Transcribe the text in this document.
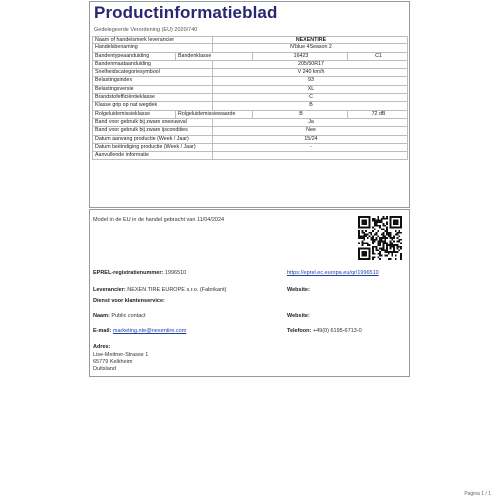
Productinformatieblad
Gedelegeerde Verordening (EU) 2020/740
Naam of handelsmerk leverancier	NEXENTIRE
Handelsbenaming	N'blue 4Season 2
Bandentypeaanduiding	Bandenklasse	16423	C1
Bandenmaataanduiding	205/50R17
Snelheidscategoriesymbool	V 240 km/h
Belastingsindex	93
Belastingsversie	XL
Brandstofefficiëntieklasse	C
Klasse grip op nat wegdek	B
Rolgeluidemissieklasse	Rolgeluidemissiewaarde	B	72 dB
Band voor gebruik bij zware sneeuwval	Ja
Band voor gebruik bij zware ijscondities	Nee
Datum aanvang productie (Week / Jaar)	15/24
Datum beëindiging productie (Week / Jaar)	-
Aanvullende informatie
Model in de EU in de handel gebracht van 11/04/2024
EPREL-registratienummer: 1996510	https://eprel.ec.europa.eu/qr/1996510
Leverancier: NEXEN TIRE EUROPE s.r.o. (Fabrikant)	Website:
Dienst voor klantenservice:
Naam: Public contact	Website:
E-mail: marketing.nte@nexentire.com	Telefoon: +49(0) 6195-6713-0
Adres:
Lise-Meitner-Strasse 1
65779 Kelkheim
Duitsland
Pagina 1 / 1
